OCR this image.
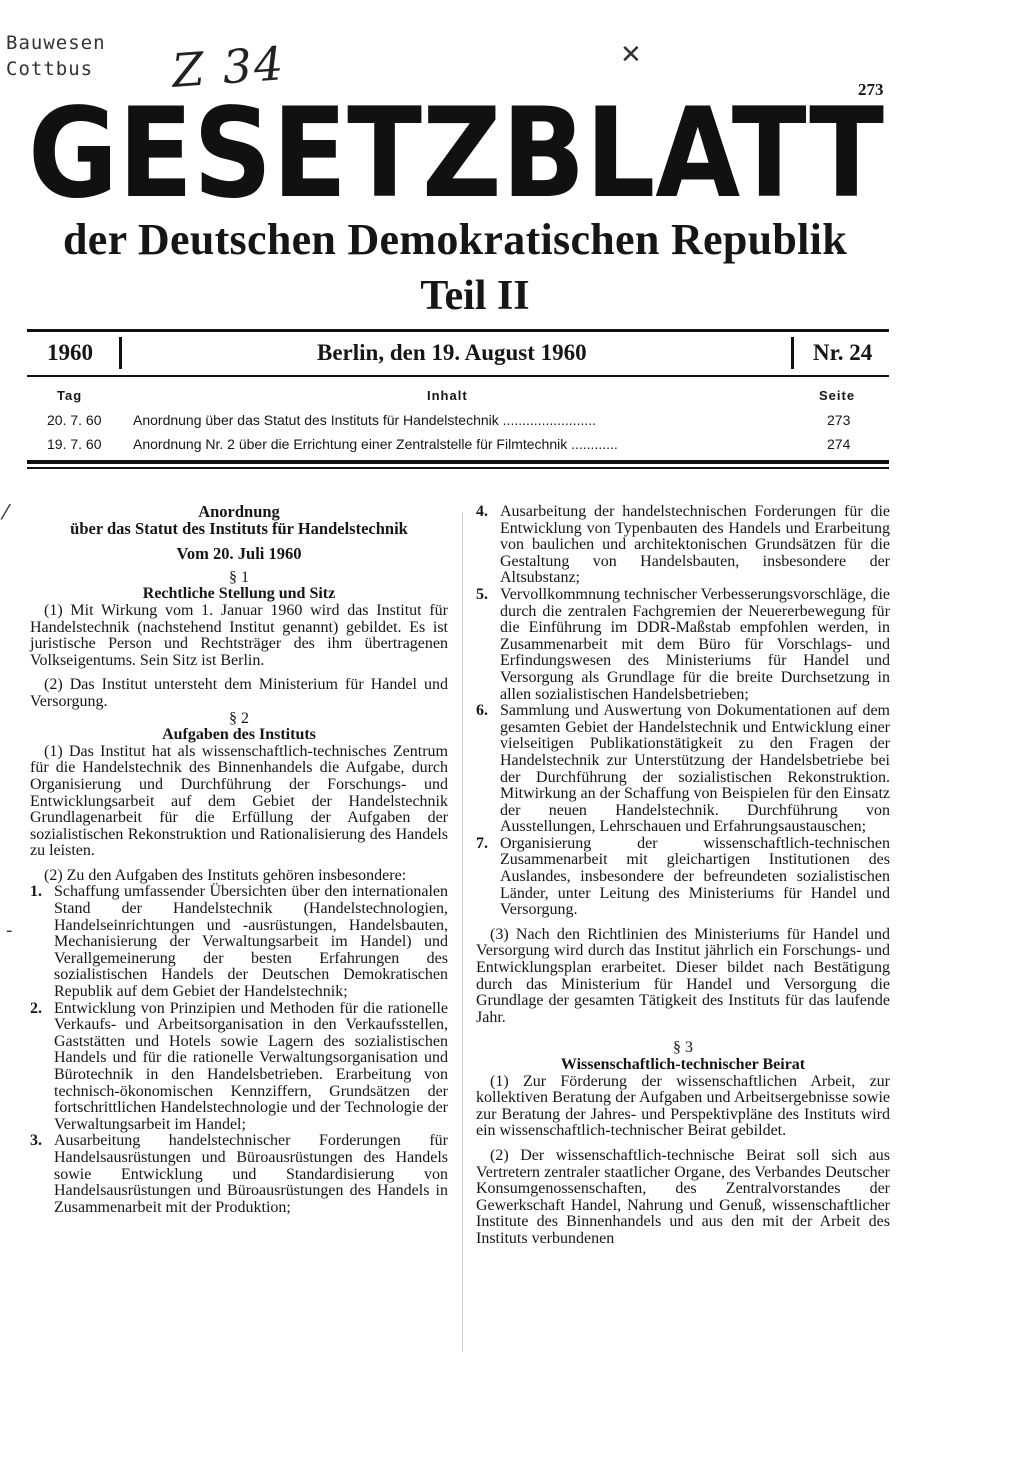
Bauwesen
Cottbus Z 34	✕
273
GESETZBLATT
der Deutschen Demokratischen Republik
Teil II
1960	Berlin, den 19. August 1960	Nr. 24
Tag	Inhalt	Seite
20. 7. 60 Anordnung über das Statut des Instituts für Handelstechnik ........................	273
19. 7. 60 Anordnung Nr. 2 über die Errichtung einer Zentralstelle für Filmtechnik ............	274
⁄
-

Anordnung

über das Statut des Instituts für Handelstechnik

Vom 20. Juli 1960

§ 1

Rechtliche Stellung und Sitz

(1) Mit Wirkung vom 1. Januar 1960 wird das Institut für Handelstechnik (nachstehend Institut genannt) gebildet. Es ist juristische Person und Rechtsträger des ihm übertragenen Volkseigentums. Sein Sitz ist Berlin.

(2) Das Institut untersteht dem Ministerium für Handel und Versorgung.

§ 2

Aufgaben des Instituts

(1) Das Institut hat als wissenschaftlich-technisches Zentrum für die Handelstechnik des Binnenhandels die Aufgabe, durch Organisierung und Durchführung der Forschungs- und Entwicklungsarbeit auf dem Gebiet der Handelstechnik Grundlagenarbeit für die Erfüllung der Aufgaben der sozialistischen Rekonstruktion und Rationalisierung des Handels zu leisten.

(2) Zu den Aufgaben des Instituts gehören insbesondere:

1. Schaffung umfassender Übersichten über den internationalen Stand der Handelstechnik (Handelstechnologien, Handelseinrichtungen und -ausrüstungen, Handelsbauten, Mechanisierung der Verwaltungsarbeit im Handel) und Verallgemeinerung der besten Erfahrungen des sozialistischen Handels der Deutschen Demokratischen Republik auf dem Gebiet der Handelstechnik;

2. Entwicklung von Prinzipien und Methoden für die rationelle Verkaufs- und Arbeitsorganisation in den Verkaufsstellen, Gaststätten und Hotels sowie Lagern des sozialistischen Handels und für die rationelle Verwaltungsorganisation und Bürotechnik in den Handelsbetrieben. Erarbeitung von technisch-ökonomischen Kennziffern, Grundsätzen der fortschrittlichen Handelstechnologie und der Technologie der Verwaltungsarbeit im Handel;

3. Ausarbeitung handelstechnischer Forderungen für Handelsausrüstungen und Büroausrüstungen des Handels sowie Entwicklung und Standardisierung von Handelsausrüstungen und Büroausrüstungen des Handels in Zusammenarbeit mit der Produktion;

4. Ausarbeitung der handelstechnischen Forderungen für die Entwicklung von Typenbauten des Handels und Erarbeitung von baulichen und architektonischen Grundsätzen für die Gestaltung von Handelsbauten, insbesondere der Altsubstanz;

5. Vervollkommnung technischer Verbesserungsvorschläge, die durch die zentralen Fachgremien der Neuererbewegung für die Einführung im DDR-Maßstab empfohlen werden, in Zusammenarbeit mit dem Büro für Vorschlags- und Erfindungswesen des Ministeriums für Handel und Versorgung als Grundlage für die breite Durchsetzung in allen sozialistischen Handelsbetrieben;

6. Sammlung und Auswertung von Dokumentationen auf dem gesamten Gebiet der Handelstechnik und Entwicklung einer vielseitigen Publikationstätigkeit zu den Fragen der Handelstechnik zur Unterstützung der Handelsbetriebe bei der Durchführung der sozialistischen Rekonstruktion. Mitwirkung an der Schaffung von Beispielen für den Einsatz der neuen Handelstechnik. Durchführung von Ausstellungen, Lehrschauen und Erfahrungsaustauschen;

7. Organisierung der wissenschaftlich-technischen Zusammenarbeit mit gleichartigen Institutionen des Auslandes, insbesondere der befreundeten sozialistischen Länder, unter Leitung des Ministeriums für Handel und Versorgung.

(3) Nach den Richtlinien des Ministeriums für Handel und Versorgung wird durch das Institut jährlich ein Forschungs- und Entwicklungsplan erarbeitet. Dieser bildet nach Bestätigung durch das Ministerium für Handel und Versorgung die Grundlage der gesamten Tätigkeit des Instituts für das laufende Jahr.

§ 3

Wissenschaftlich-technischer Beirat

(1) Zur Förderung der wissenschaftlichen Arbeit, zur kollektiven Beratung der Aufgaben und Arbeitsergebnisse sowie zur Beratung der Jahres- und Perspektivpläne des Instituts wird ein wissenschaftlich-technischer Beirat gebildet.

(2) Der wissenschaftlich-technische Beirat soll sich aus Vertretern zentraler staatlicher Organe, des Verbandes Deutscher Konsumgenossenschaften, des Zentralvorstandes der Gewerkschaft Handel, Nahrung und Genuß, wissenschaftlicher Institute des Binnenhandels und aus den mit der Arbeit des Instituts verbundenen
